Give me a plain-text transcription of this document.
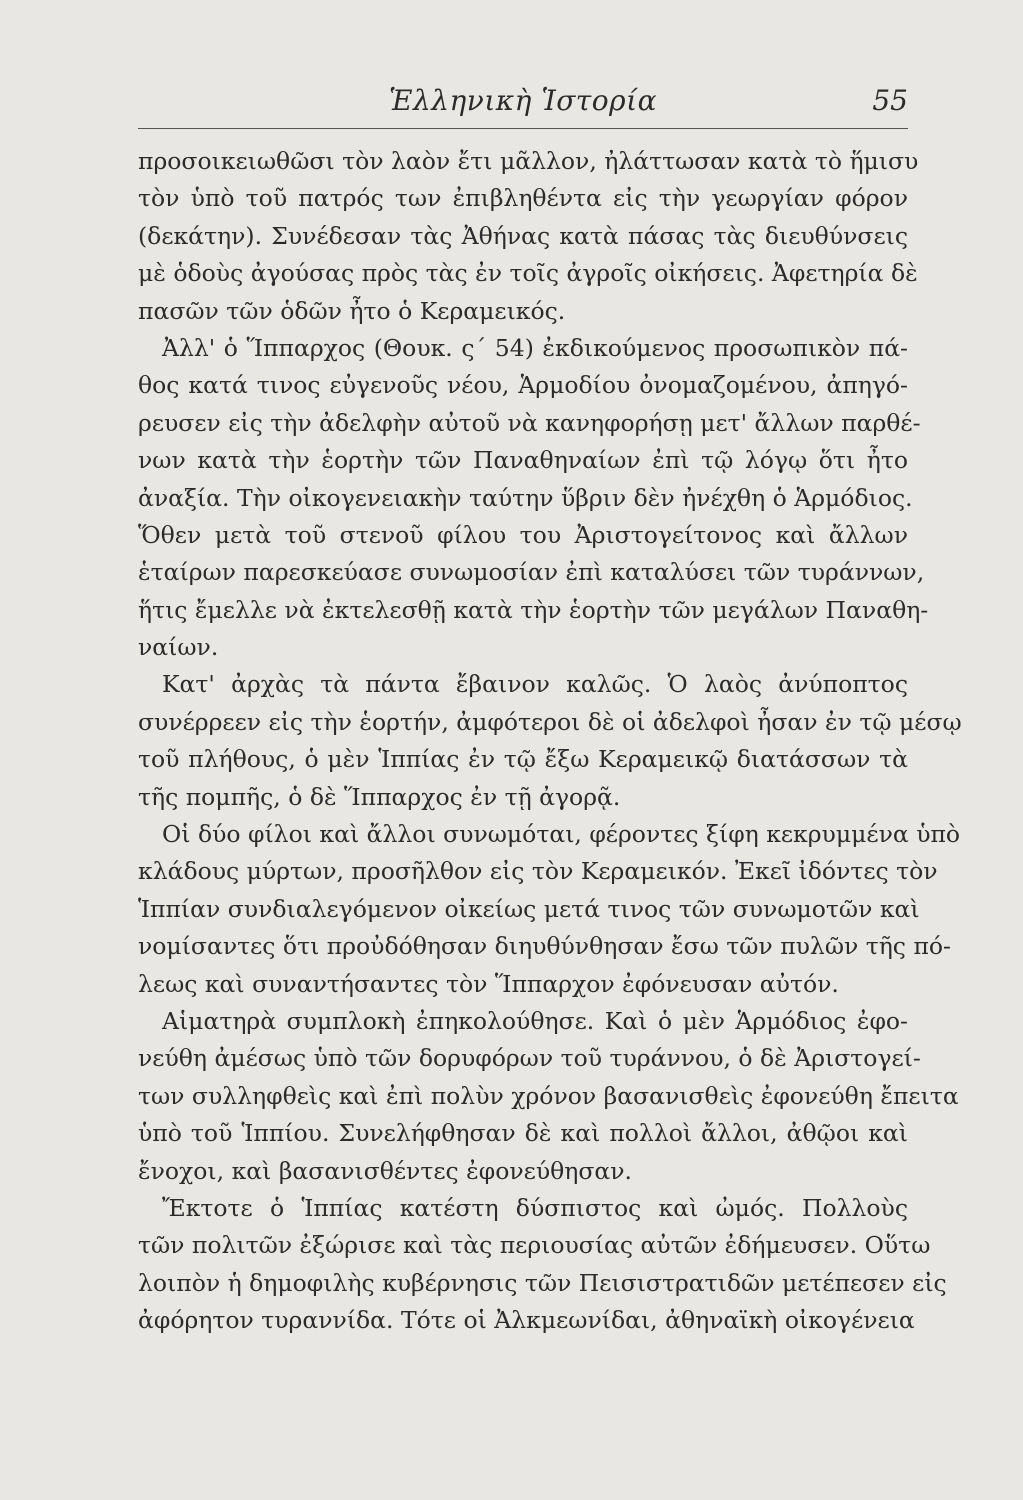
Ἑλληνικὴ Ἱστορία	55
προσοικειωθῶσι τὸν λαὸν ἔτι μᾶλλον, ἠλάττωσαν κατὰ τὸ ἥμισυ
τὸν ὑπὸ τοῦ πατρός των ἐπιβληθέντα εἰς τὴν γεωργίαν φόρον
(δεκάτην). Συνέδεσαν τὰς Ἀθήνας κατὰ πάσας τὰς διευθύνσεις
μὲ ὁδοὺς ἀγούσας πρὸς τὰς ἐν τοῖς ἀγροῖς οἰκήσεις. Ἀφετηρία δὲ
πασῶν τῶν ὁδῶν ἦτο ὁ Κεραμεικός.
Ἀλλ' ὁ Ἵππαρχος (Θουκ. ς´ 54) ἐκδικούμενος προσωπικὸν πά-
θος κατά τινος εὐγενοῦς νέου, Ἁρμοδίου ὀνομαζομένου, ἀπηγό-
ρευσεν εἰς τὴν ἀδελφὴν αὐτοῦ νὰ κανηφορήσῃ μετ' ἄλλων παρθέ-
νων κατὰ τὴν ἑορτὴν τῶν Παναθηναίων ἐπὶ τῷ λόγῳ ὅτι ἦτο
ἀναξία. Τὴν οἰκογενειακὴν ταύτην ὕβριν δὲν ἠνέχθη ὁ Ἁρμόδιος.
Ὅθεν μετὰ τοῦ στενοῦ φίλου του Ἀριστογείτονος καὶ ἄλλων
ἑταίρων παρεσκεύασε συνωμοσίαν ἐπὶ καταλύσει τῶν τυράννων,
ἥτις ἔμελλε νὰ ἐκτελεσθῇ κατὰ τὴν ἑορτὴν τῶν μεγάλων Παναθη-
ναίων.
Κατ' ἀρχὰς τὰ πάντα ἔβαινον καλῶς. Ὁ λαὸς ἀνύποπτος
συνέρρεεν εἰς τὴν ἑορτήν, ἀμφότεροι δὲ οἱ ἀδελφοὶ ἦσαν ἐν τῷ μέσῳ
τοῦ πλήθους, ὁ μὲν Ἱππίας ἐν τῷ ἔξω Κεραμεικῷ διατάσσων τὰ
τῆς πομπῆς, ὁ δὲ Ἵππαρχος ἐν τῇ ἀγορᾷ.
Οἱ δύο φίλοι καὶ ἄλλοι συνωμόται, φέροντες ξίφη κεκρυμμένα ὑπὸ
κλάδους μύρτων, προσῆλθον εἰς τὸν Κεραμεικόν. Ἐκεῖ ἰδόντες τὸν
Ἱππίαν συνδιαλεγόμενον οἰκείως μετά τινος τῶν συνωμοτῶν καὶ
νομίσαντες ὅτι προὐδόθησαν διηυθύνθησαν ἔσω τῶν πυλῶν τῆς πό-
λεως καὶ συναντήσαντες τὸν Ἵππαρχον ἐφόνευσαν αὐτόν.
Αἱματηρὰ συμπλοκὴ ἐπηκολούθησε. Καὶ ὁ μὲν Ἁρμόδιος ἐφο-
νεύθη ἀμέσως ὑπὸ τῶν δορυφόρων τοῦ τυράννου, ὁ δὲ Ἀριστογεί-
των συλληφθεὶς καὶ ἐπὶ πολὺν χρόνον βασανισθεὶς ἐφονεύθη ἔπειτα
ὑπὸ τοῦ Ἱππίου. Συνελήφθησαν δὲ καὶ πολλοὶ ἄλλοι, ἀθῷοι καὶ
ἔνοχοι, καὶ βασανισθέντες ἐφονεύθησαν.
Ἔκτοτε ὁ Ἱππίας κατέστη δύσπιστος καὶ ὠμός. Πολλοὺς
τῶν πολιτῶν ἐξώρισε καὶ τὰς περιουσίας αὐτῶν ἐδήμευσεν. Οὕτω
λοιπὸν ἡ δημοφιλὴς κυβέρνησις τῶν Πεισιστρατιδῶν μετέπεσεν εἰς
ἀφόρητον τυραννίδα. Τότε οἱ Ἀλκμεωνίδαι, ἀθηναϊκὴ οἰκογένεια
